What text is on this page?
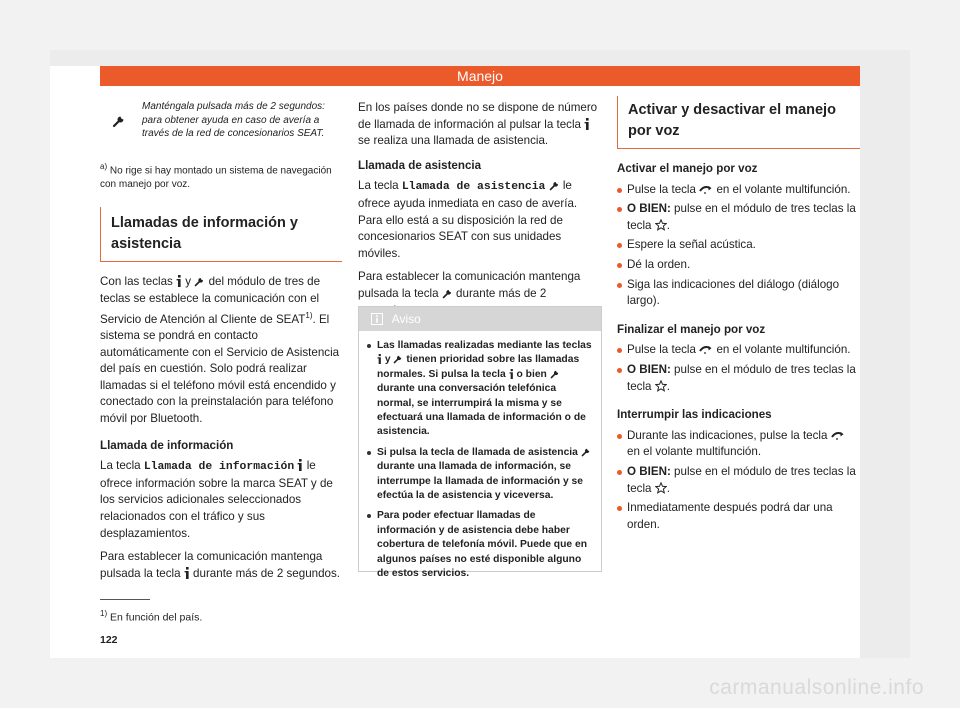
Manejo
Manténgala pulsada más de 2 segundos: para obtener ayuda en caso de avería a través de la red de concesionarios SEAT.
$^{a)}$ No rige si hay montado un sistema de navegación con manejo por voz.
Llamadas de información y asistencia

Con las teclas y del módulo de tres de teclas se establece la comunicación con el Servicio de Atención al Cliente de SEAT$^{1)}$. El sistema se pondrá en contacto automáticamente con el Servicio de Asistencia del país en cuestión. Solo podrá realizar llamadas si el teléfono móvil está encendido y conectado con la preinstalación para teléfono móvil por Bluetooth.

Llamada de información

La tecla Llamada de información le ofrece información sobre la marca SEAT y de los servicios adicionales seleccionados relacionados con el tráfico y sus desplazamientos.

Para establecer la comunicación mantenga pulsada la tecla durante más de 2 segundos.

En los países donde no se dispone de número de llamada de información al pulsar la tecla
se realiza una llamada de asistencia.

Llamada de asistencia

La tecla Llamada de asistencia le ofrece ayuda inmediata en caso de avería. Para ello está a su disposición la red de concesionarios SEAT con sus unidades móviles.

Para establecer la comunicación mantenga pulsada la tecla durante más de 2

Aviso
Las llamadas realizadas mediante las teclas
y tienen prioridad sobre las llamadas normales. Si pulsa la tecla o bien
durante una conversación telefónica normal, se interrumpirá la misma y se efectuará una llamada de información o de asistencia.
Si pulsa la tecla de llamada de asistencia
durante una llamada de información, se interrumpe la llamada de información y se efectúa la de asistencia y viceversa.
Para poder efectuar llamadas de información y de asistencia debe haber cobertura de telefonía móvil. Puede que en algunos países no esté disponible alguno de estos servicios.
Activar y desactivar el manejo por voz
Activar el manejo por voz
Pulse la tecla en el volante multifunción.
O BIEN: pulse en el módulo de tres teclas la tecla .
Espere la señal acústica.
Dé la orden.
Siga las indicaciones del diálogo (diálogo largo).
Finalizar el manejo por voz
Pulse la tecla en el volante multifunción.
O BIEN: pulse en el módulo de tres teclas la tecla .
Interrumpir las indicaciones
Durante las indicaciones, pulse la tecla
en el volante multifunción.
O BIEN: pulse en el módulo de tres teclas la tecla .
Inmediatamente después podrá dar una orden.
$^{1)}$ En función del país.
122
carmanualsonline.info
